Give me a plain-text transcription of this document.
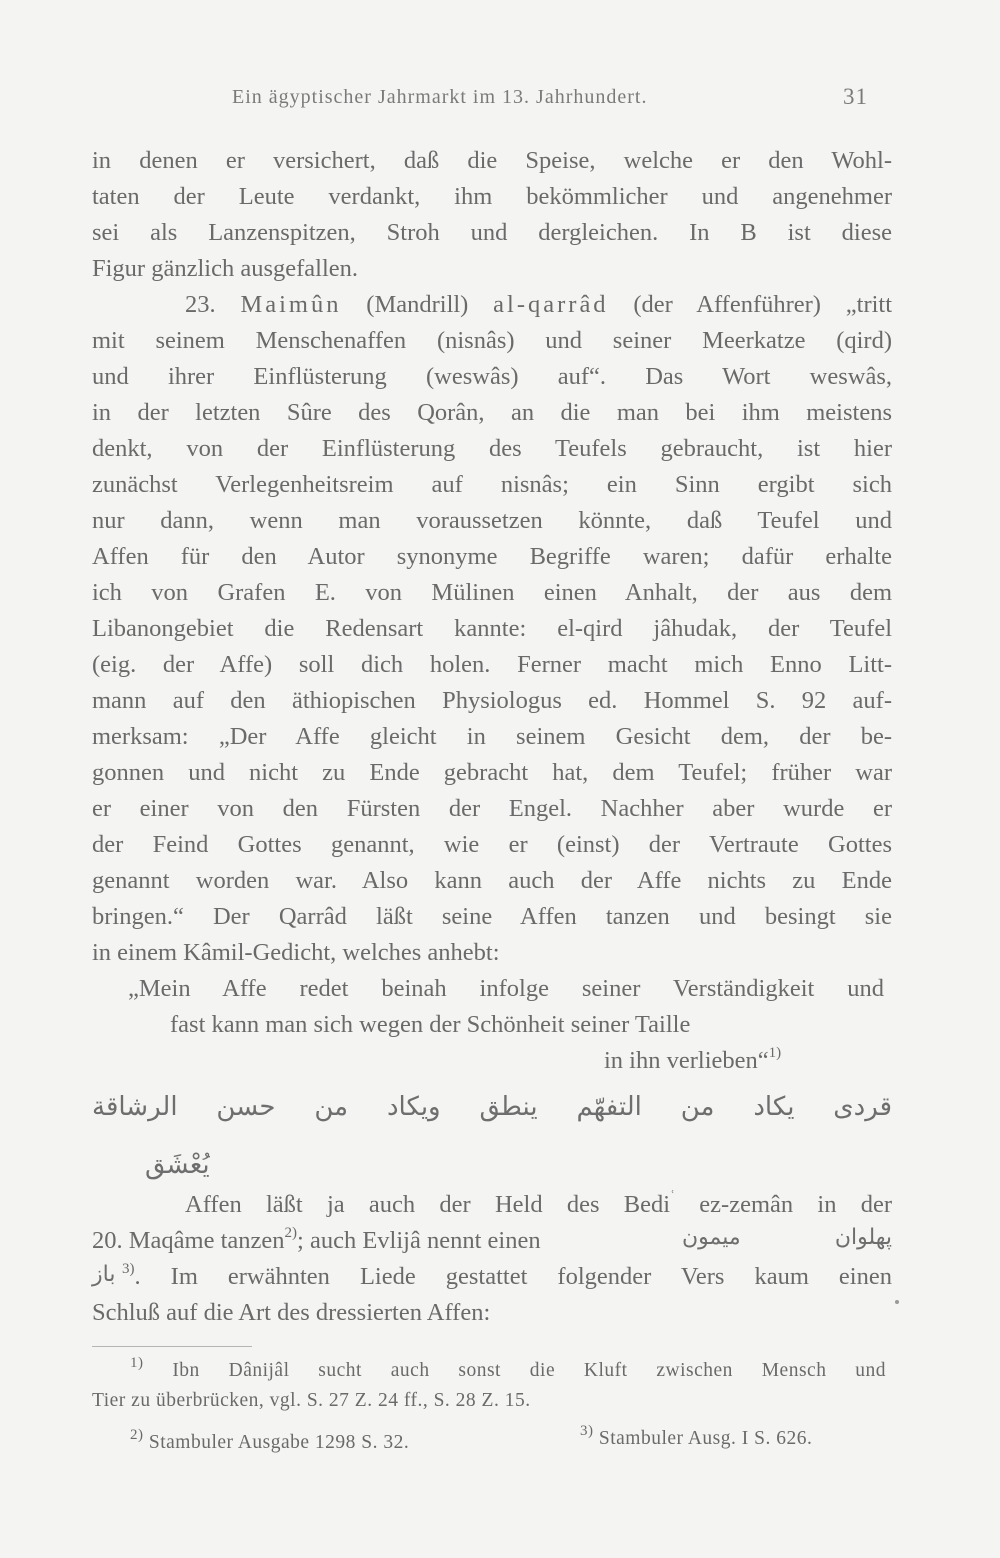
Ein ägyptischer Jahrmarkt im 13. Jahrhundert.	31
in denen er versichert, daß die Speise, welche er den Wohl-
taten der Leute verdankt, ihm bekömmlicher und angenehmer
sei als Lanzenspitzen, Stroh und dergleichen. In B ist diese
Figur gänzlich ausgefallen.
23. Maimûn (Mandrill) al-qarrâd (der Affenführer) „tritt
mit seinem Menschenaffen (nisnâs) und seiner Meerkatze (qird)
und ihrer Einflüsterung (weswâs) auf“. Das Wort weswâs,
in der letzten Sûre des Qorân, an die man bei ihm meistens
denkt, von der Einflüsterung des Teufels gebraucht, ist hier
zunächst Verlegenheitsreim auf nisnâs; ein Sinn ergibt sich
nur dann, wenn man voraussetzen könnte, daß Teufel und
Affen für den Autor synonyme Begriffe waren; dafür erhalte
ich von Grafen E. von Mülinen einen Anhalt, der aus dem
Libanongebiet die Redensart kannte: el-qird jâhudak, der Teufel
(eig. der Affe) soll dich holen. Ferner macht mich Enno Litt-
mann auf den äthiopischen Physiologus ed. Hommel S. 92 auf-
merksam: „Der Affe gleicht in seinem Gesicht dem, der be-
gonnen und nicht zu Ende gebracht hat, dem Teufel; früher war
er einer von den Fürsten der Engel. Nachher aber wurde er
der Feind Gottes genannt, wie er (einst) der Vertraute Gottes
genannt worden war. Also kann auch der Affe nichts zu Ende
bringen.“ Der Qarrâd läßt seine Affen tanzen und besingt sie
in einem Kâmil-Gedicht, welches anhebt:
„Mein Affe redet beinah infolge seiner Verständigkeit und
fast kann man sich wegen der Schönheit seiner Taille
in ihn verlieben“$^{1)}$
قردى يكاد من التفهّم ينطق ويكاد من حسن الرشاقة
يُعْشَق
Affen läßt ja auch der Held des Bedi$^ʿ$ ez-zemân in der
20. Maqâme tanzen$^{2)}$; auch Evlijâ nennt einen	پهلوان ميمون
باز $^{3)}$. Im erwähnten Liede gestattet folgender Vers kaum einen
Schluß auf die Art des dressierten Affen:
$^{1)}$ Ibn Dânijâl sucht auch sonst die Kluft zwischen Mensch und
Tier zu überbrücken, vgl. S. 27 Z. 24 ff., S. 28 Z. 15.
$^{2)}$ Stambuler Ausgabe 1298 S. 32.
$^{3)}$ Stambuler Ausg. I S. 626.
